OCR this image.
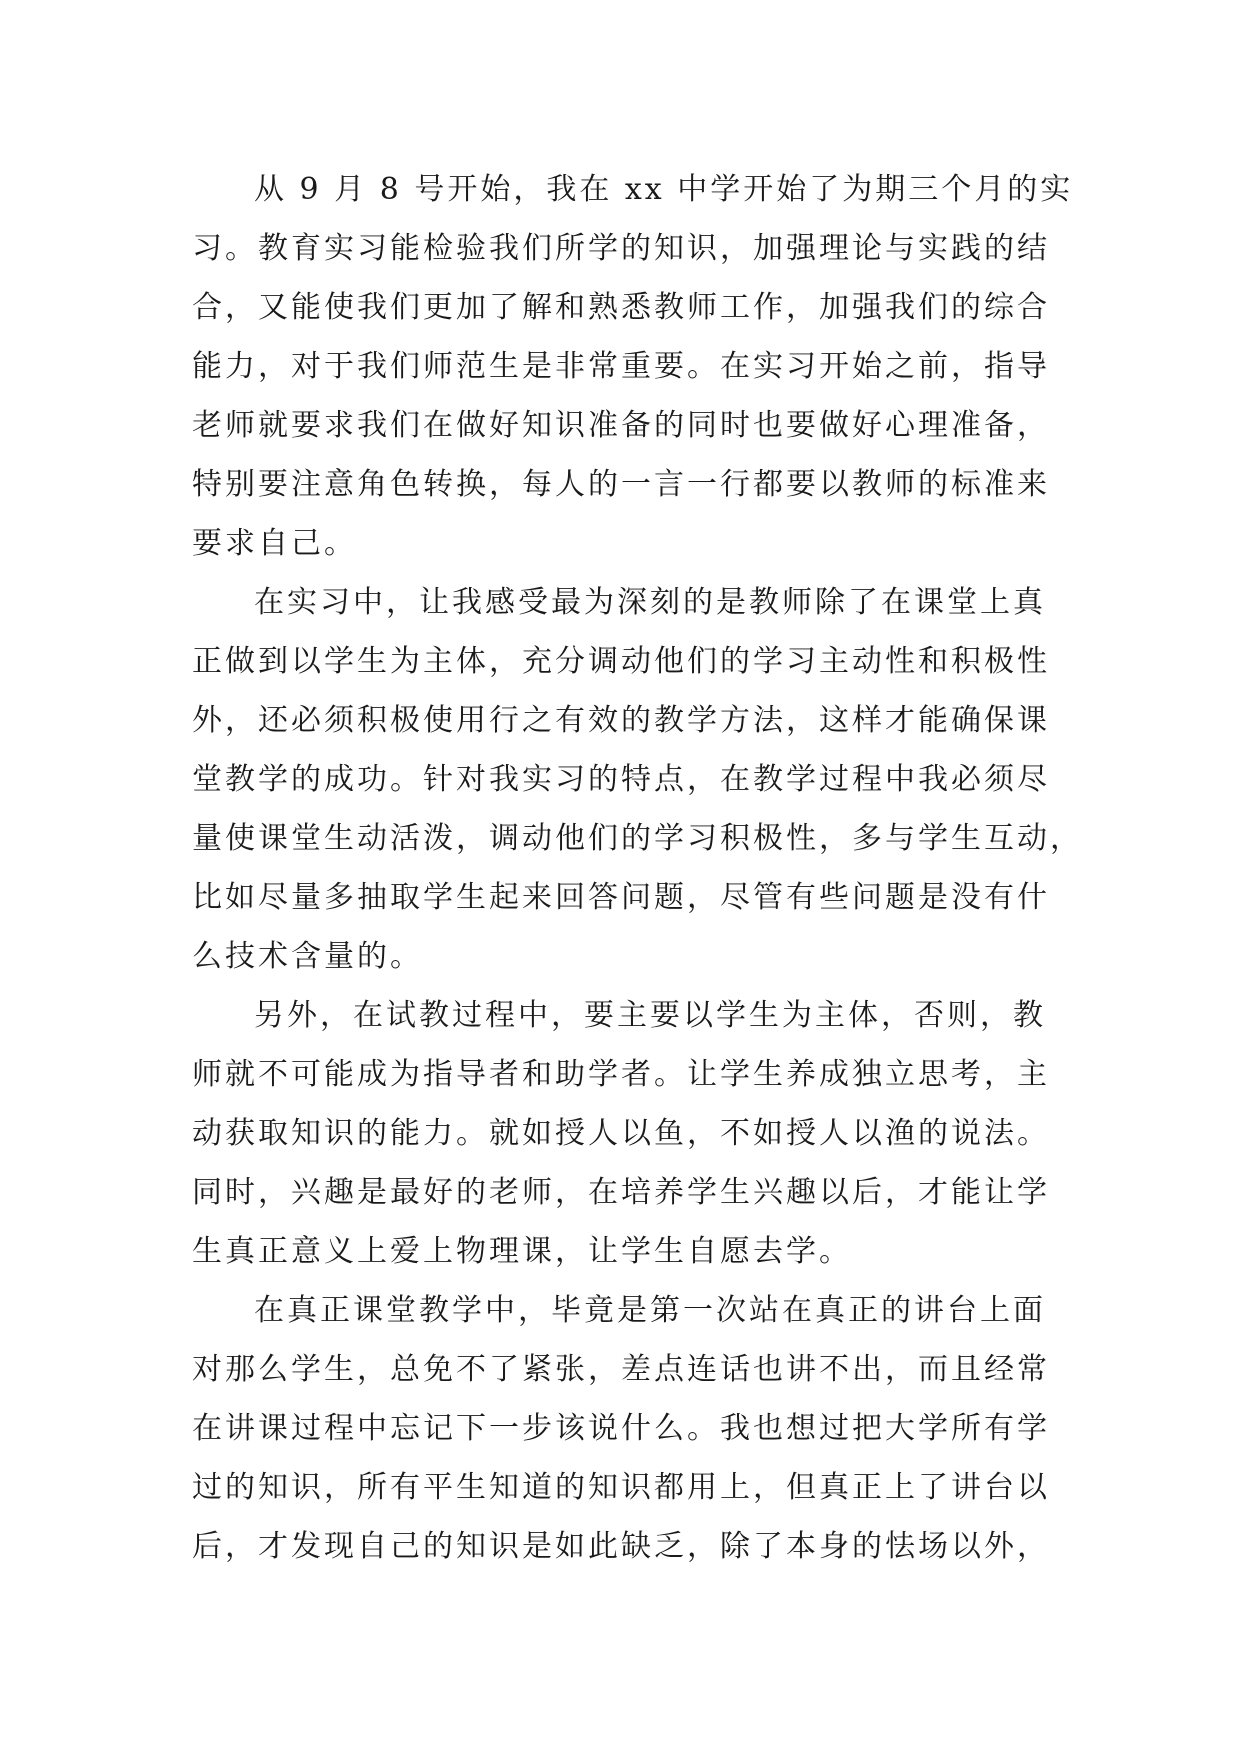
从 9 月 8 号开始，我在 xx 中学开始了为期三个月的实
习。教育实习能检验我们所学的知识，加强理论与实践的结
合，又能使我们更加了解和熟悉教师工作，加强我们的综合
能力，对于我们师范生是非常重要。在实习开始之前，指导
老师就要求我们在做好知识准备的同时也要做好心理准备，
特别要注意角色转换，每人的一言一行都要以教师的标准来
要求自己。
在实习中，让我感受最为深刻的是教师除了在课堂上真
正做到以学生为主体，充分调动他们的学习主动性和积极性
外，还必须积极使用行之有效的教学方法，这样才能确保课
堂教学的成功。针对我实习的特点，在教学过程中我必须尽
量使课堂生动活泼，调动他们的学习积极性，多与学生互动，
比如尽量多抽取学生起来回答问题，尽管有些问题是没有什
么技术含量的。
另外，在试教过程中，要主要以学生为主体，否则，教
师就不可能成为指导者和助学者。让学生养成独立思考，主
动获取知识的能力。就如授人以鱼，不如授人以渔的说法。
同时，兴趣是最好的老师，在培养学生兴趣以后，才能让学
生真正意义上爱上物理课，让学生自愿去学。
在真正课堂教学中，毕竟是第一次站在真正的讲台上面
对那么学生，总免不了紧张，差点连话也讲不出，而且经常
在讲课过程中忘记下一步该说什么。我也想过把大学所有学
过的知识，所有平生知道的知识都用上，但真正上了讲台以
后，才发现自己的知识是如此缺乏，除了本身的怯场以外，
